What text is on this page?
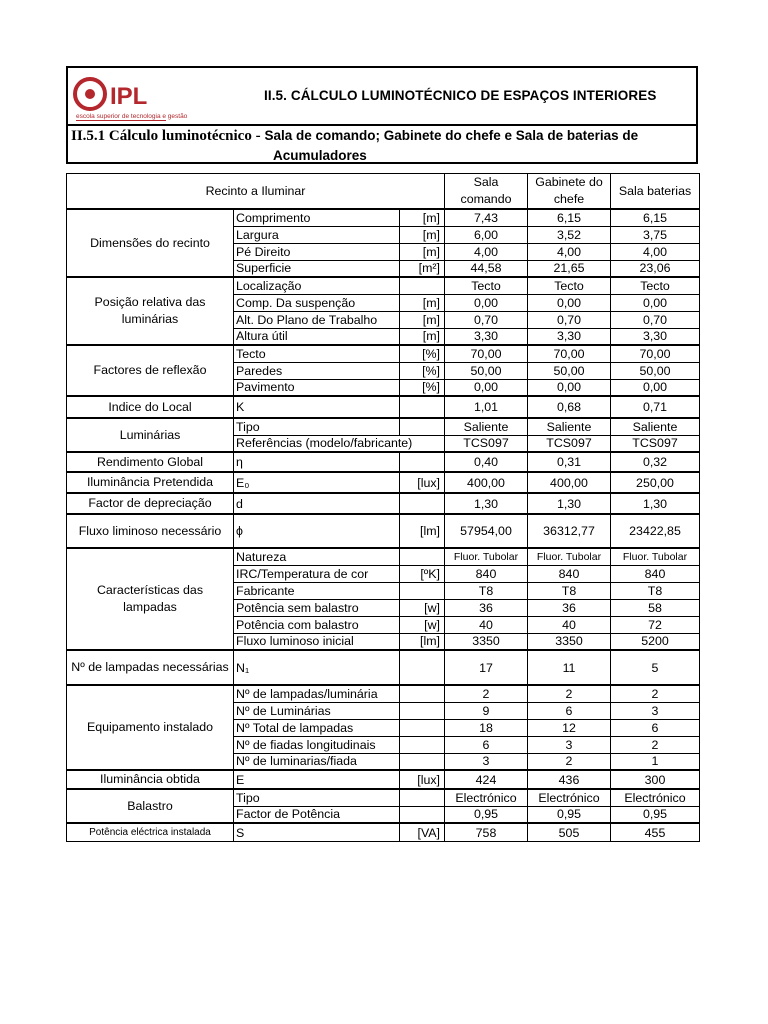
IPL
escola superior de tecnologia e gestão
II.5. CÁLCULO LUMINOTÉCNICO DE ESPAÇOS INTERIORES
II.5.1 Cálculo luminotécnico - Sala de comando; Gabinete do chefe e Sala de baterias de
Acumuladores
Recinto a Iluminar			Sala comando	Gabinete do chefe	Sala baterias
Dimensões do recinto	Comprimento	[m]	7,43	6,15	6,15
	Largura	[m]	6,00	3,52	3,75
	Pé Direito	[m]	4,00	4,00	4,00
	Superficie	[m²]	44,58	21,65	23,06
Posição relativa das luminárias	Localização		Tecto	Tecto	Tecto
	Comp. Da suspenção	[m]	0,00	0,00	0,00
	Alt. Do Plano de Trabalho	[m]	0,70	0,70	0,70
	Altura útil	[m]	3,30	3,30	3,30
Factores de reflexão	Tecto	[%]	70,00	70,00	70,00
	Paredes	[%]	50,00	50,00	50,00
	Pavimento	[%]	0,00	0,00	0,00
Indice do Local	K		1,01	0,68	0,71
Luminárias	Tipo		Saliente	Saliente	Saliente
	Referências (modelo/fabricante)		TCS097	TCS097	TCS097
Rendimento Global	η		0,40	0,31	0,32
Iluminância Pretendida	E₀	[lux]	400,00	400,00	250,00
Factor de depreciação	d		1,30	1,30	1,30
Fluxo liminoso necessário	ϕ	[lm]	57954,00	36312,77	23422,85
Características das lampadas	Natureza		Fluor. Tubolar	Fluor. Tubolar	Fluor. Tubolar
	IRC/Temperatura de cor	[ºK]	840	840	840
	Fabricante		T8	T8	T8
	Potência sem balastro	[w]	36	36	58
	Potência com balastro	[w]	40	40	72
	Fluxo luminoso inicial	[lm]	3350	3350	5200
Nº de lampadas necessárias	N₁		17	11	5
Equipamento instalado	Nº de lampadas/luminária		2	2	2
	Nº de Luminárias		9	6	3
	Nº Total de lampadas		18	12	6
	Nº de fiadas longitudinais		6	3	2
	Nº de luminarias/fiada		3	2	1
Iluminância obtida	E	[lux]	424	436	300
Balastro	Tipo		Electrónico	Electrónico	Electrónico
	Factor de Potência		0,95	0,95	0,95
Potência eléctrica instalada	S	[VA]	758	505	455
